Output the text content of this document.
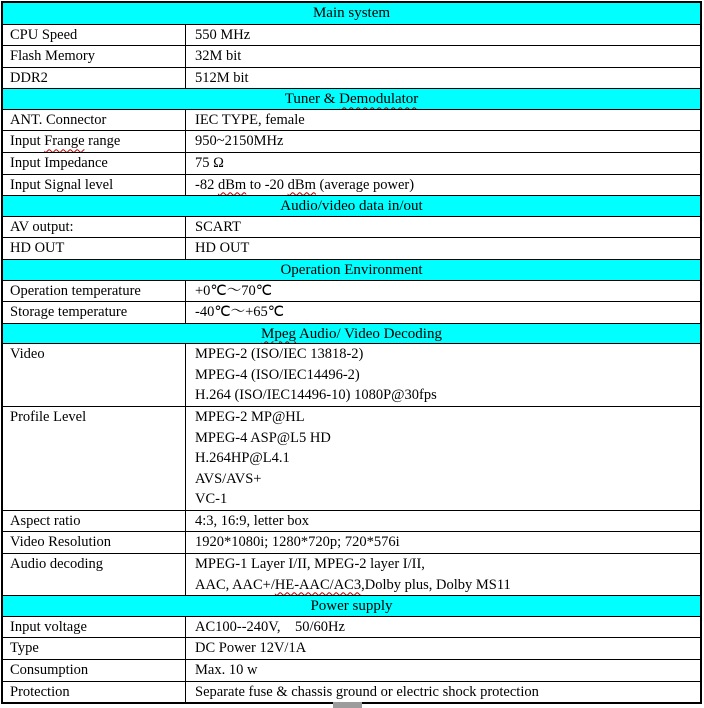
Main system
CPU Speed	550 MHz
Flash Memory	32M bit
DDR2	512M bit
Tuner & Demodulator
ANT. Connector	IEC TYPE, female
Input Frange range	950~2150MHz
Input Impedance	75 Ω
Input Signal level	-82 dBm to -20 dBm (average power)
Audio/video data in/out
AV output:	SCART
HD OUT	HD OUT
Operation Environment
Operation temperature	+0℃～70℃
Storage temperature	-40℃～+65℃
Mpeg Audio/ Video Decoding
Video	MPEG-2 (ISO/IEC 13818-2)
MPEG-4 (ISO/IEC14496-2)
H.264 (ISO/IEC14496-10) 1080P@30fps
Profile Level	MPEG-2 MP@HL
MPEG-4 ASP@L5 HD
H.264HP@L4.1
AVS/AVS+
VC-1
Aspect ratio	4:3, 16:9, letter box
Video Resolution	1920*1080i; 1280*720p; 720*576i
Audio decoding	MPEG-1 Layer I/II, MPEG-2 layer I/II,
AAC, AAC+/HE-AAC/AC3,Dolby plus, Dolby MS11
Power supply
Input voltage	AC100--240V,    50/60Hz
Type	DC Power 12V/1A
Consumption	Max. 10 w
Protection	Separate fuse & chassis ground or electric shock protection
